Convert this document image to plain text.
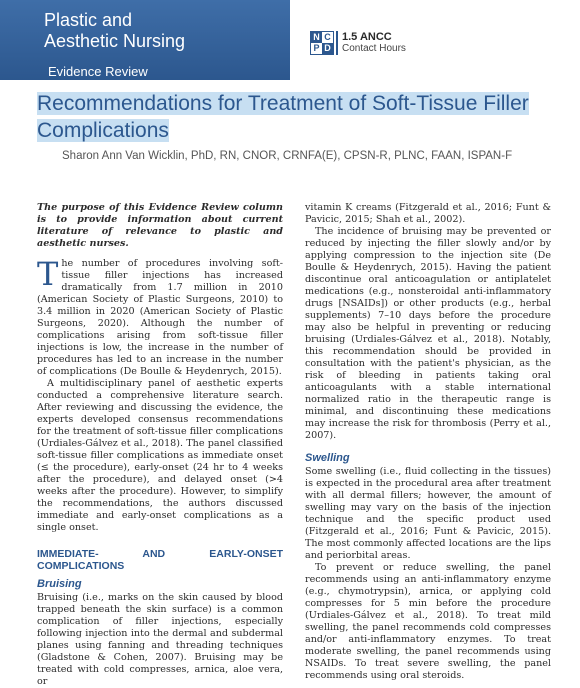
Plastic and
Aesthetic Nursing
Evidence Review
N C
P D
1.5 ANCC
Contact Hours
Recommendations for Treatment of Soft-Tissue Filler Complications
Sharon Ann Van Wicklin, PhD, RN, CNOR, CRNFA(E), CPSN-R, PLNC, FAAN, ISPAN-F

The purpose of this Evidence Review column is to provide information about current literature of relevance to plastic and aesthetic nurses.

The number of procedures involving soft-tissue filler injections has increased dramatically from 1.7 million in 2010 (American Society of Plastic Surgeons, 2010) to 3.4 million in 2020 (American Society of Plastic Surgeons, 2020). Although the number of complications arising from soft-tissue filler injections is low, the increase in the number of procedures has led to an increase in the number of complications (De Boulle & Heydenrych, 2015).

A multidisciplinary panel of aesthetic experts conducted a comprehensive literature search. After reviewing and discussing the evidence, the experts developed consensus recommendations for the treatment of soft-tissue filler complications (Urdiales-Gálvez et al., 2018). The panel classified soft-tissue filler complications as immediate onset (≤ the procedure), early-onset (24 hr to 4 weeks after the procedure), and delayed onset (>4 weeks after the procedure). However, to simplify the recommendations, the authors discussed immediate and early-onset complications as a single onset.

IMMEDIATE- AND EARLY-ONSET COMPLICATIONS
Bruising

Bruising (i.e., marks on the skin caused by blood trapped beneath the skin surface) is a common complication of filler injections, especially following injection into the dermal and subdermal planes using fanning and threading techniques (Gladstone & Cohen, 2007). Bruising may be treated with cold compresses, arnica, aloe vera, or

vitamin K creams (Fitzgerald et al., 2016; Funt & Pavicic, 2015; Shah et al., 2002).

The incidence of bruising may be prevented or reduced by injecting the filler slowly and/or by applying compression to the injection site (De Boulle & Heydenrych, 2015). Having the patient discontinue oral anticoagulation or antiplatelet medications (e.g., nonsteroidal anti-inflammatory drugs [NSAIDs]) or other products (e.g., herbal supplements) 7–10 days before the procedure may also be helpful in preventing or reducing bruising (Urdiales-Gálvez et al., 2018). Notably, this recommendation should be provided in consultation with the patient's physician, as the risk of bleeding in patients taking oral anticoagulants with a stable international normalized ratio in the therapeutic range is minimal, and discontinuing these medications may increase the risk for thrombosis (Perry et al., 2007).

Swelling

Some swelling (i.e., fluid collecting in the tissues) is expected in the procedural area after treatment with all dermal fillers; however, the amount of swelling may vary on the basis of the injection technique and the specific product used (Fitzgerald et al., 2016; Funt & Pavicic, 2015). The most commonly affected locations are the lips and periorbital areas.

To prevent or reduce swelling, the panel recommends using an anti-inflammatory enzyme (e.g., chymotrypsin), arnica, or applying cold compresses for 5 min before the procedure (Urdiales-Gálvez et al., 2018). To treat mild swelling, the panel recommends cold compresses and/or anti-inflammatory enzymes. To treat moderate swelling, the panel recommends using NSAIDs. To treat severe swelling, the panel recommends using oral steroids.
